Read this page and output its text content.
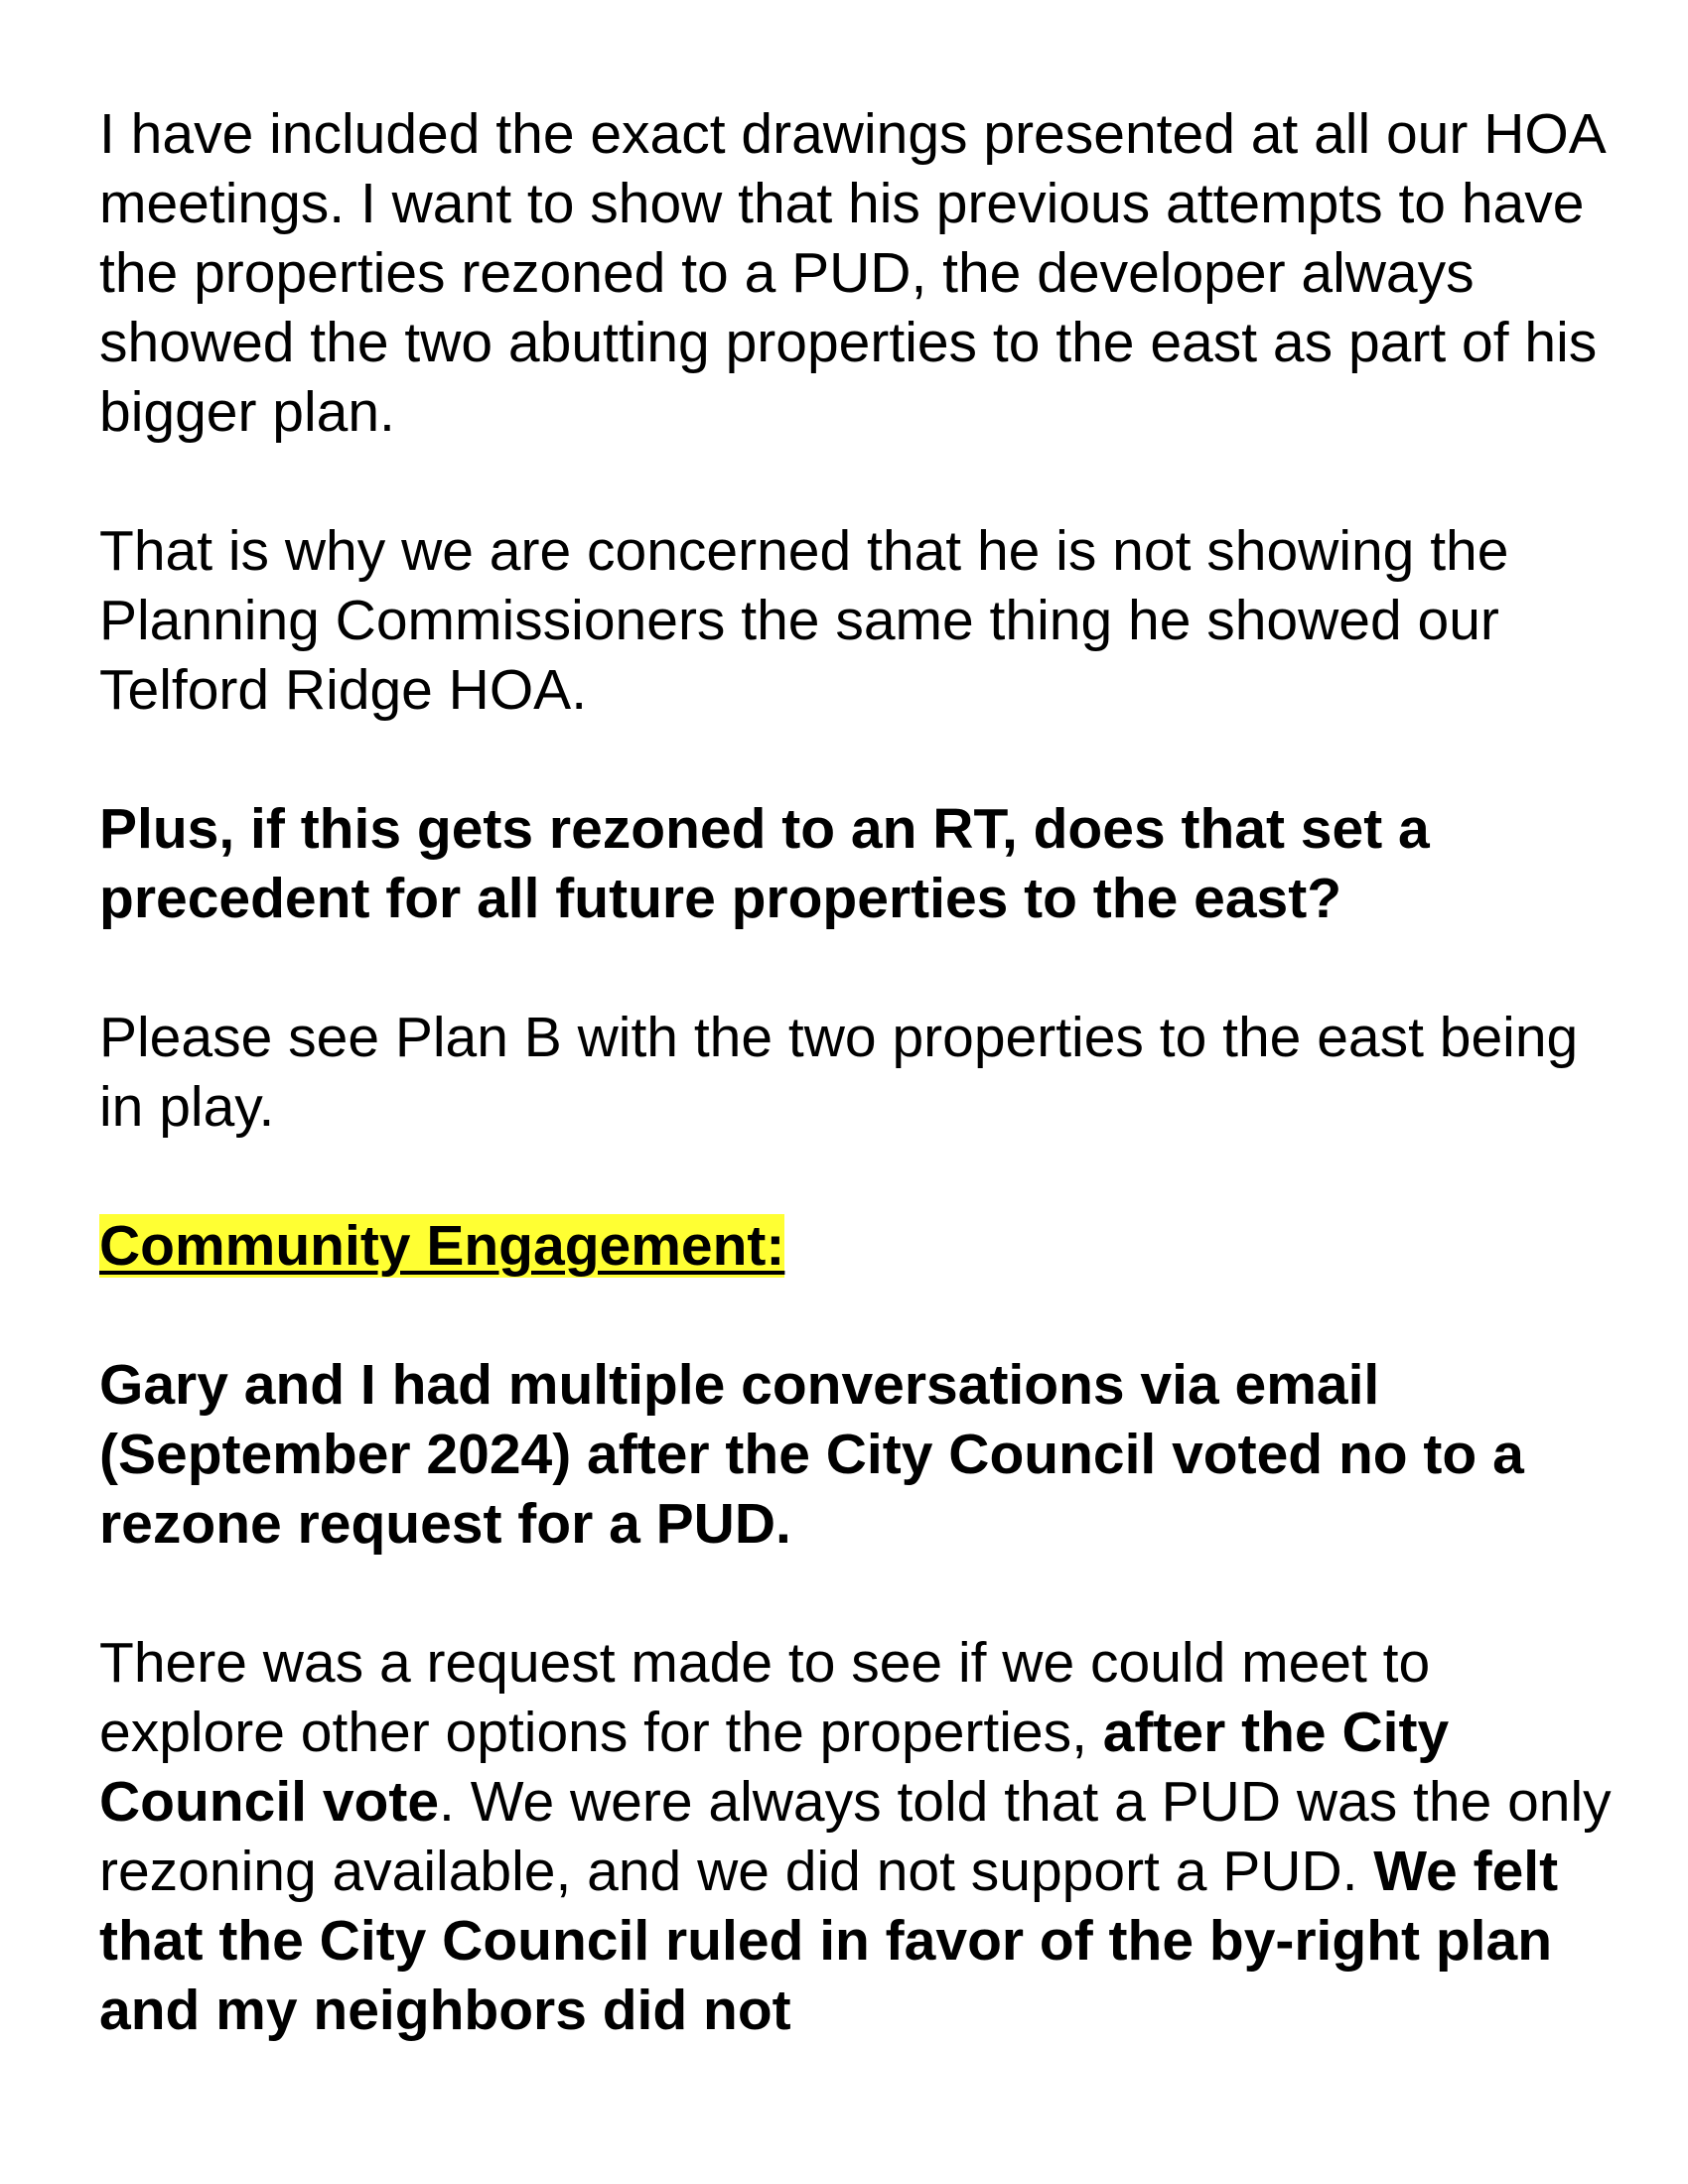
I have included the exact drawings presented at all our HOA meetings. I want to show that his previous attempts to have the properties rezoned to a PUD, the developer always showed the two abutting properties to the east as part of his bigger plan.

That is why we are concerned that he is not showing the Planning Commissioners the same thing he showed our Telford Ridge HOA.

Plus, if this gets rezoned to an RT, does that set a precedent for all future properties to the east?

Please see Plan B with the two properties to the east being in play.

Community Engagement:

Gary and I had multiple conversations via email (September 2024) after the City Council voted no to a rezone request for a PUD.

There was a request made to see if we could meet to explore other options for the properties, after the City Council vote. We were always told that a PUD was the only rezoning available, and we did not support a PUD. We felt that the City Council ruled in favor of the by-right plan and my neighbors did not
